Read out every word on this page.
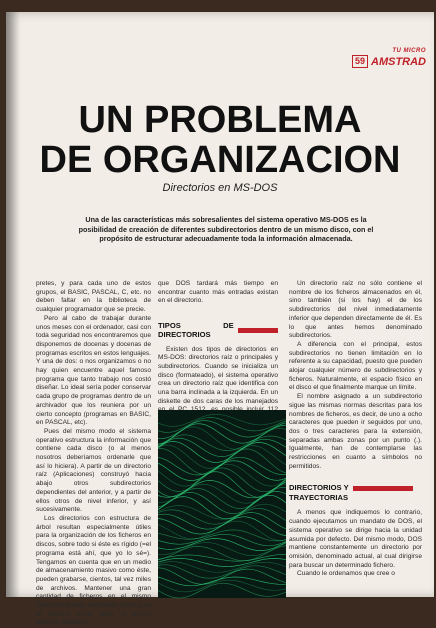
TU MICRO
59 AMSTRAD
UN PROBLEMA
DE ORGANIZACION
Directorios en MS-DOS
Una de las características más sobresalientes del sistema operativo MS-DOS es la posibilidad de creación de diferentes subdirectorios dentro de un mismo disco, con el propósito de estructurar adecuadamente toda la información almacenada.

pretes, y para cada uno de estos grupos, el BASIC, PASCAL, C, etc. no deben faltar en la biblioteca de cualquier programador que se precie.

Pero al cabo de trabajar durante unos meses con el ordenador, casi con toda seguridad nos encontraremos que disponemos de docenas y docenas de programas escritos en estos lenguajes. Y una de dos: o nos organizamos o no hay quien encuentre aquel famoso programa que tanto trabajo nos costó diseñar. Lo ideal sería poder conservar cada grupo de programas dentro de un archivador que los reuniera por un cierto concepto (programas en BASIC, en PASCAL, etc).

Pues del mismo modo el sistema operativo estructura la información que contiene cada disco (o al menos nosotros deberíamos ordenarle que así lo hiciera). A partir de un directorio raíz (Aplicaciones) construyó hacia abajo otros subdirectorios dependientes del anterior, y a partir de ellos otros de nivel inferior, y así sucesivamente.

Los directorios con estructura de árbol resultan especialmente útiles para la organización de los ficheros en discos, sobre todo si éste es rígido (=el programa está ahí, que yo lo sé=). Tengamos en cuenta que en un medio de almacenamiento masivo como éste, pueden grabarse, cientos, tal vez miles de archivos. Mantener una gran cantidad de ficheros en el mismo directorio resulta ineficiente tanto para el usuario como para el propio sistema, debido a

que DOS tardará más tiempo en encontrar cuanto más entradas existan en el directorio.

TIPOS DE DIRECTORIOS

Existen dos tipos de directorios en MS-DOS: directorios raíz o principales y subdirectorios. Cuando se inicializa un disco (formateado), el sistema operativo crea un directorio raíz que identifica con una barra inclinada a la izquierda. En un diskette de dos caras de los manejados

Un directorio raíz no sólo contiene el nombre de los ficheros almacenados en él, sino también (si los hay) el de los subdirectorios del nivel inmediatamente inferior que dependen directamente de él. Es lo que antes hemos denominado subdirectorios.

A diferencia con el principal, estos subdirectorios no tienen limitación en lo referente a su capacidad, puesto que pueden alojar cualquier número de subdirectorios y ficheros. Naturalmente, el espacio físico en el disco el que finalmente marque un límite.

El nombre asignado a un subdirectorio sigue las mismas normas descritas para los nombres de ficheros, es decir, de uno a ocho caracteres que pueden ir seguidos por uno, dos o tres caracteres para la extensión, separadas ambas zonas por un punto (.). Igualmente, han de contemplarse las restricciones en cuanto a símbolos no permitidos.

DIRECTORIOS Y
TRAYECTORIAS

A menos que indiquemos lo contrario, cuando ejecutamos un mandato de DOS, el sistema operativo se dirige hacia la unidad asumida por defecto. Del mismo modo, DOS mantiene constantemente un directorio por omisión, denominado actual, al cual dirigirse para buscar un determinado fichero.

Cuando le ordenamos que cree o
